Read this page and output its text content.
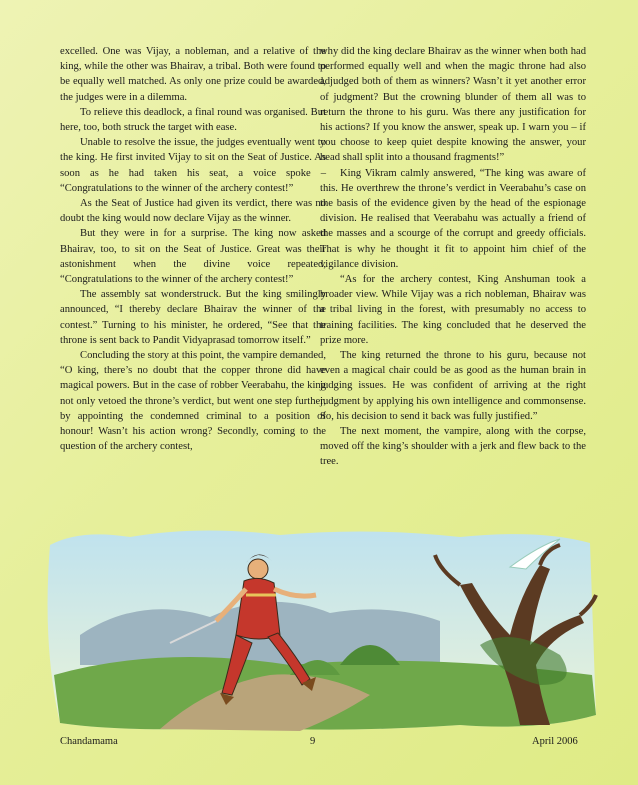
excelled. One was Vijay, a nobleman, and a relative of the king, while the other was Bhairav, a tribal. Both were found to be equally well matched. As only one prize could be awarded, the judges were in a dilemma.

To relieve this deadlock, a final round was organised. But here, too, both struck the target with ease.

Unable to resolve the issue, the judges eventually went to the king. He first invited Vijay to sit on the Seat of Justice. As soon as he had taken his seat, a voice spoke – “Congratulations to the winner of the archery contest!”

As the Seat of Justice had given its verdict, there was no doubt the king would now declare Vijay as the winner.

But they were in for a surprise. The king now asked Bhairav, too, to sit on the Seat of Justice. Great was their astonishment when the divine voice repeated, “Congratulations to the winner of the archery contest!”

The assembly sat wonderstruck. But the king smilingly announced, “I thereby declare Bhairav the winner of the contest.” Turning to his minister, he ordered, “See that the throne is sent back to Pandit Vidyaprasad tomorrow itself.”

Concluding the story at this point, the vampire demanded, “O king, there’s no doubt that the copper throne did have magical powers. But in the case of robber Veerabahu, the king not only vetoed the throne’s verdict, but went one step further, by appointing the condemned criminal to a position of honour! Wasn’t his action wrong? Secondly, coming to the question of the archery contest,

why did the king declare Bhairav as the winner when both had performed equally well and when the magic throne had also adjudged both of them as winners? Wasn’t it yet another error of judgment? But the crowning blunder of them all was to return the throne to his guru. Was there any justification for his actions? If you know the answer, speak up. I warn you – if you choose to keep quiet despite knowing the answer, your head shall split into a thousand fragments!”

King Vikram calmly answered, “The king was aware of this. He overthrew the throne’s verdict in Veerabahu’s case on the basis of the evidence given by the head of the espionage division. He realised that Veerabahu was actually a friend of the masses and a scourge of the corrupt and greedy officials. That is why he thought it fit to appoint him chief of the vigilance division.

“As for the archery contest, King Anshuman took a broader view. While Vijay was a rich nobleman, Bhairav was a tribal living in the forest, with presumably no access to training facilities. The king concluded that he deserved the prize more.

The king returned the throne to his guru, because not even a magical chair could be as good as the human brain in judging issues. He was confident of arriving at the right judgment by applying his own intelligence and commonsense. So, his decision to send it back was fully justified.”

The next moment, the vampire, along with the corpse, moved off the king’s shoulder with a jerk and flew back to the tree.

Chandamama	9	April 2006
